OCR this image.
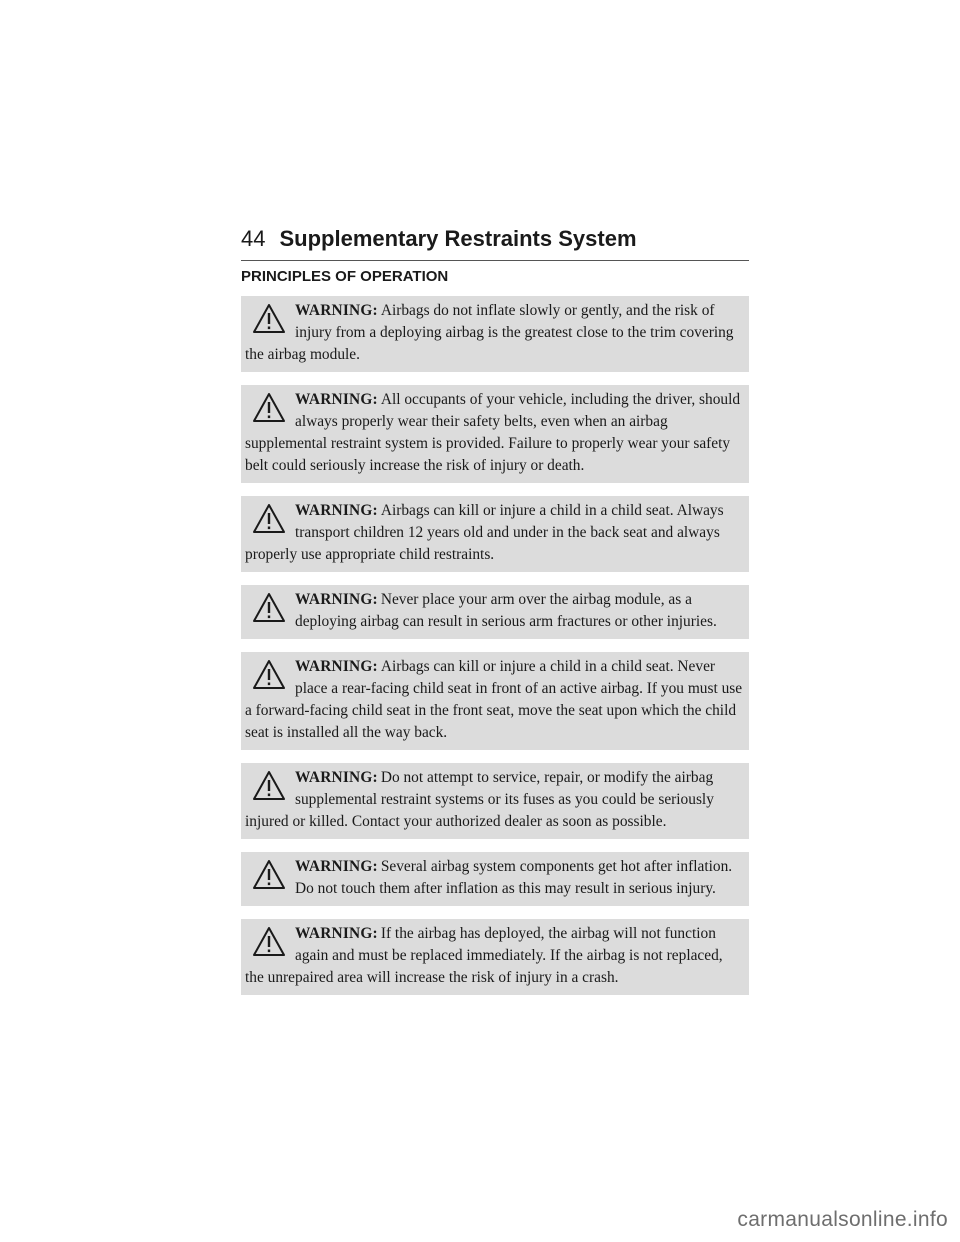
44 Supplementary Restraints System
PRINCIPLES OF OPERATION
WARNING: Airbags do not inflate slowly or gently, and the risk of injury from a deploying airbag is the greatest close to the trim covering the airbag module.
WARNING: All occupants of your vehicle, including the driver, should always properly wear their safety belts, even when an airbag supplemental restraint system is provided. Failure to properly wear your safety belt could seriously increase the risk of injury or death.
WARNING: Airbags can kill or injure a child in a child seat. Always transport children 12 years old and under in the back seat and always properly use appropriate child restraints.
WARNING: Never place your arm over the airbag module, as a deploying airbag can result in serious arm fractures or other injuries.
WARNING: Airbags can kill or injure a child in a child seat. Never place a rear-facing child seat in front of an active airbag. If you must use a forward-facing child seat in the front seat, move the seat upon which the child seat is installed all the way back.
WARNING: Do not attempt to service, repair, or modify the airbag supplemental restraint systems or its fuses as you could be seriously injured or killed. Contact your authorized dealer as soon as possible.
WARNING: Several airbag system components get hot after inflation. Do not touch them after inflation as this may result in serious injury.
WARNING: If the airbag has deployed, the airbag will not function again and must be replaced immediately. If the airbag is not replaced, the unrepaired area will increase the risk of injury in a crash.
carmanualsonline.info
